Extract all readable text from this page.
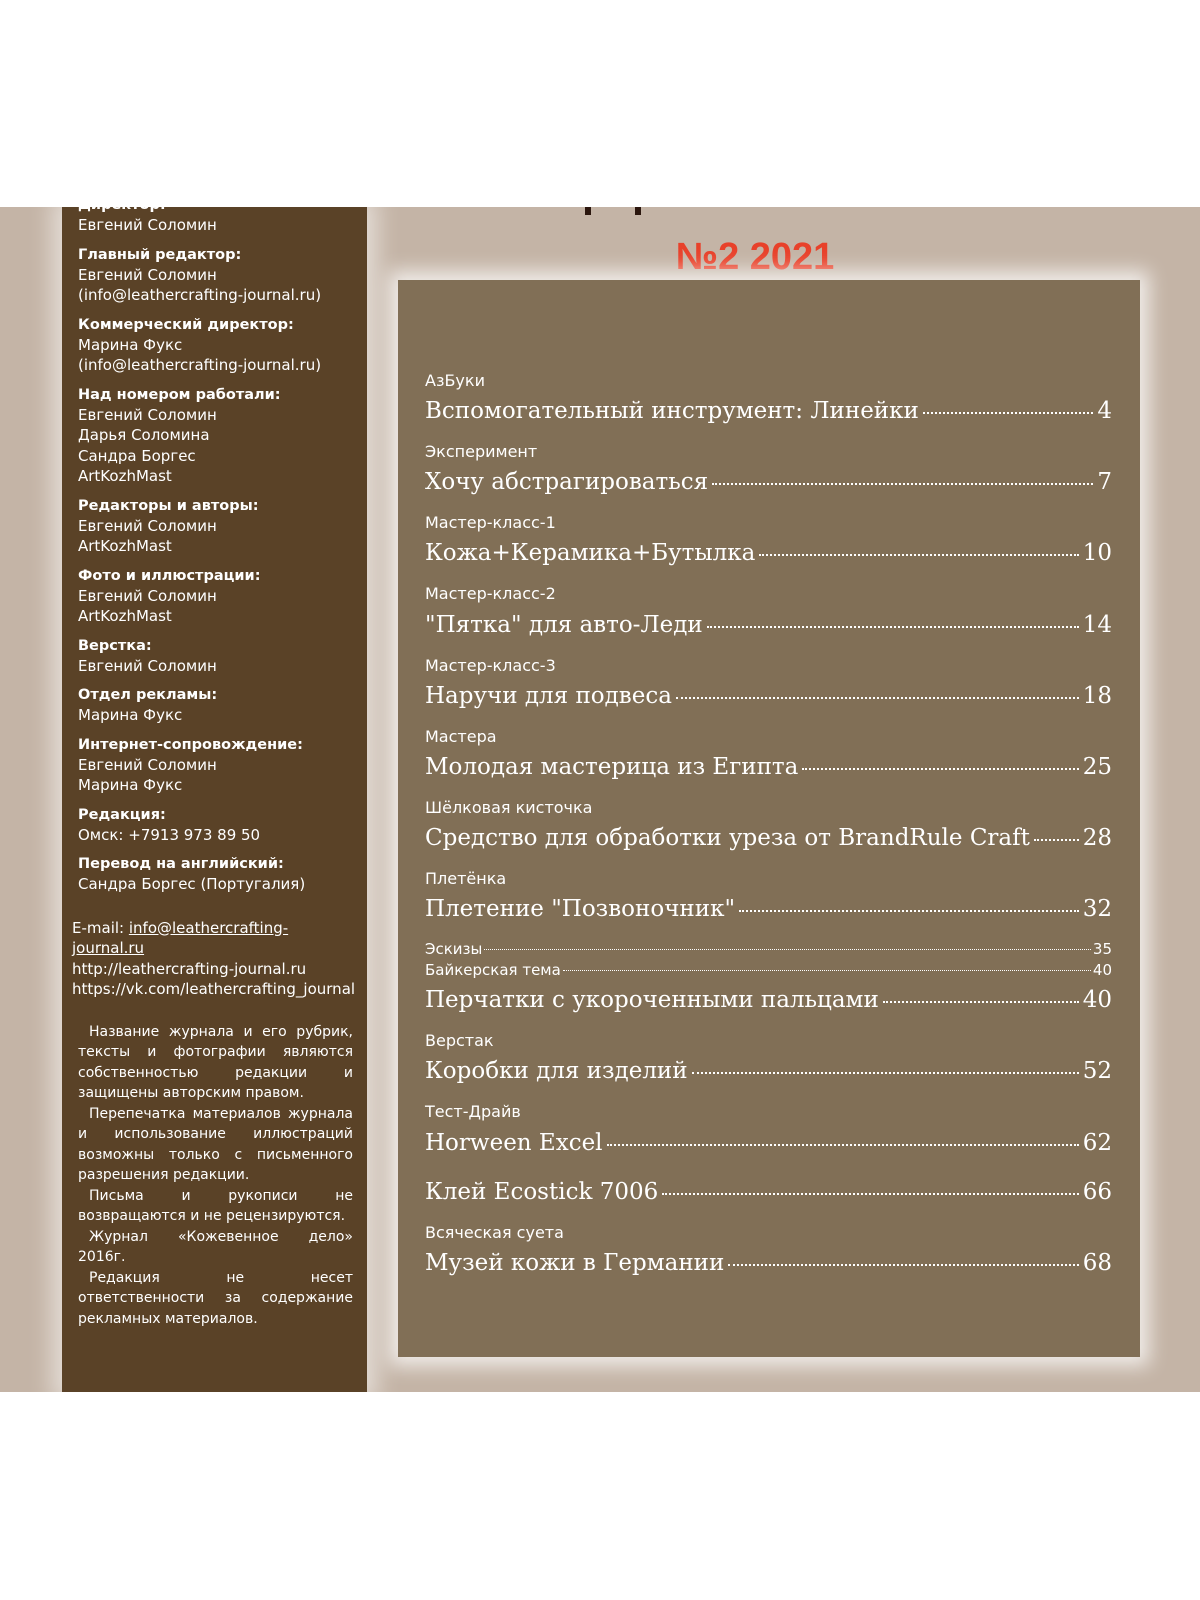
Директор:
Евгений Соломин
Главный редактор:
Евгений Соломин
(info@leathercrafting-journal.ru)
Коммерческий директор:
Марина Фукс
(info@leathercrafting-journal.ru)
Над номером работали:
Евгений Соломин
Дарья Соломина
Сандра Боргес
ArtKozhMast
Редакторы и авторы:
Евгений Соломин
ArtKozhMast
Фото и иллюстрации:
Евгений Соломин
ArtKozhMast
Верстка:
Евгений Соломин
Отдел рекламы:
Марина Фукс
Интернет-сопровождение:
Евгений Соломин
Марина Фукс
Редакция:
Омск: +7913 973 89 50
Перевод на английский:
Сандра Боргес (Португалия)
E-mail: info@leathercrafting-journal.ru
http://leathercrafting-journal.ru
https://vk.com/leathercrafting_journal

Название журнала и его рубрик, тексты и фотографии являются собственностью редакции и защищены авторским правом.

Перепечатка материалов журнала и использование иллюстраций возможны только с письменного разрешения редакции.

Письма и рукописи не возвращаются и не рецензируются.

Журнал «Кожевенное дело» 2016г.

Редакция не несет ответственности за содержание рекламных материалов.

№2 2021
АзБуки
Вспомогательный инструмент: Линейки	4
Эксперимент
Хочу абстрагироваться	7
Мастер-класс-1
Кожа+Керамика+Бутылка	10
Мастер-класс-2
"Пятка" для авто-Леди	14
Мастер-класс-3
Наручи для подвеса	18
Мастера
Молодая мастерица из Египта	25
Шёлковая кисточка
Средство для обработки уреза от BrandRule Craft 28
Плетёнка
Плетение "Позвоночник"	32
Эскизы	35
Байкерская тема	40
Перчатки с укороченными пальцами	40
Верстак
Коробки для изделий	52
Тест-Драйв
Horween Excel	62
Клей Ecostick 7006	66
Всяческая суета
Музей кожи в Германии	68
